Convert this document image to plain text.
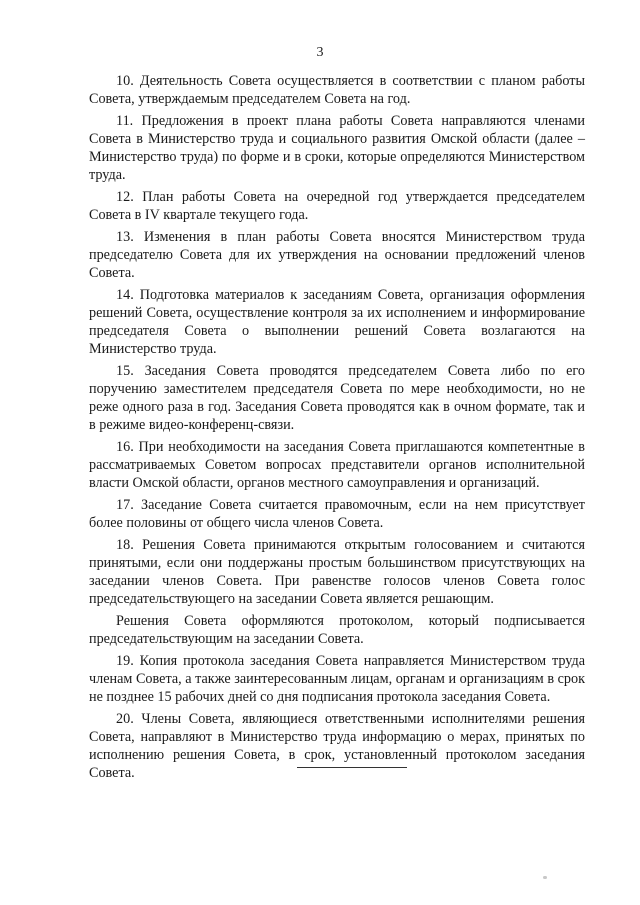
3

10. Деятельность Совета осуществляется в соответствии с планом работы Совета, утверждаемым председателем Совета на год.

11. Предложения в проект плана работы Совета направляются членами Совета в Министерство труда и социального развития Омской области (далее – Министерство труда) по форме и в сроки, которые определяются Министерством труда.

12. План работы Совета на очередной год утверждается председателем Совета в IV квартале текущего года.

13. Изменения в план работы Совета вносятся Министерством труда председателю Совета для их утверждения на основании предложений членов Совета.

14. Подготовка материалов к заседаниям Совета, организация оформления решений Совета, осуществление контроля за их исполнением и информирование председателя Совета о выполнении решений Совета возлагаются на Министерство труда.

15. Заседания Совета проводятся председателем Совета либо по его поручению заместителем председателя Совета по мере необходимости, но не реже одного раза в год. Заседания Совета проводятся как в очном формате, так и в режиме видео-конференц-связи.

16. При необходимости на заседания Совета приглашаются компетентные в рассматриваемых Советом вопросах представители органов исполнительной власти Омской области, органов местного самоуправления и организаций.

17. Заседание Совета считается правомочным, если на нем присутствует более половины от общего числа членов Совета.

18. Решения Совета принимаются открытым голосованием и считаются принятыми, если они поддержаны простым большинством присутствующих на заседании членов Совета. При равенстве голосов членов Совета голос председательствующего на заседании Совета является решающим.

Решения Совета оформляются протоколом, который подписывается председательствующим на заседании Совета.

19. Копия протокола заседания Совета направляется Министерством труда членам Совета, а также заинтересованным лицам, органам и организациям в срок не позднее 15 рабочих дней со дня подписания протокола заседания Совета.

20. Члены Совета, являющиеся ответственными исполнителями решения Совета, направляют в Министерство труда информацию о мерах, принятых по исполнению решения Совета, в срок, установленный протоколом заседания Совета.
